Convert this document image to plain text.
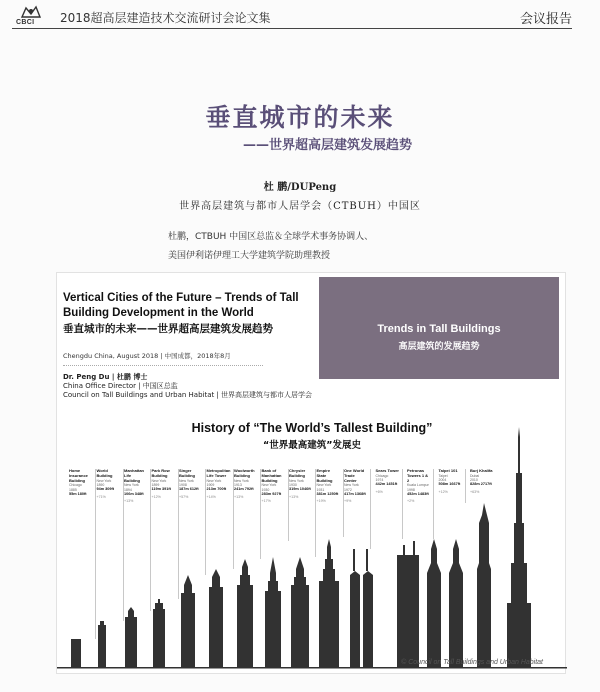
CBCI 2018超高层建造技术交流研讨会论文集	会议报告
垂直城市的未来
——世界超高层建筑发展趋势
杜 鹏/DUPeng
世界高层建筑与都市人居学会（CTBUH）中国区
杜鹏，CTBUH 中国区总监＆全球学术事务协调人、
美国伊利诺伊理工大学建筑学院助理教授
Vertical Cities of the Future – Trends of Tall Building Development in the World
垂直城市的未来——世界超高层建筑发展趋势
Chengdu China, August 2018 | 中国成都，2018年8月
Dr. Peng Du | 杜鹏 博士
China Office Director | 中国区总监
Council on Tall Buildings and Urban Habitat | 世界高层建筑与都市人居学会
Trends in Tall Buildings
高层建筑的发展趋势
History of “The World’s Tallest Building”
“世界最高建筑”发展史
Home Insurance Building
Chicago
1885
55m 180ft
World Building
New York
1890
94m 309ft
+71%
Manhattan Life Building
New York
1894
106m 348ft
+13%
Park Row Building
New York
1899
119m 391ft
+12%
Singer Building
New York
1908
187m 612ft
+57%
Metropolitan Life Tower
New York
1909
213m 700ft
+14%
Woolworth Building
New York
1913
241m 792ft
+13%
Bank of Manhattan Building
New York
1930
283m 927ft
+17%
Chrysler Building
New York
1930
319m 1046ft
+13%
Empire State Building
New York
1931
381m 1250ft
+19%
One World Trade Center
New York
1972
417m 1368ft
+9%
Sears Tower
Chicago
1974
442m 1451ft
+6%
Petronas Towers 1 & 2
Kuala Lumpur
1998
452m 1483ft
+2%
Taipei 101
Taipei
2004
508m 1667ft
+12%
Burj Khalifa
Dubai
2010
828m 2717ft
+63%
© Council on Tall Buildings and Urban Habitat
